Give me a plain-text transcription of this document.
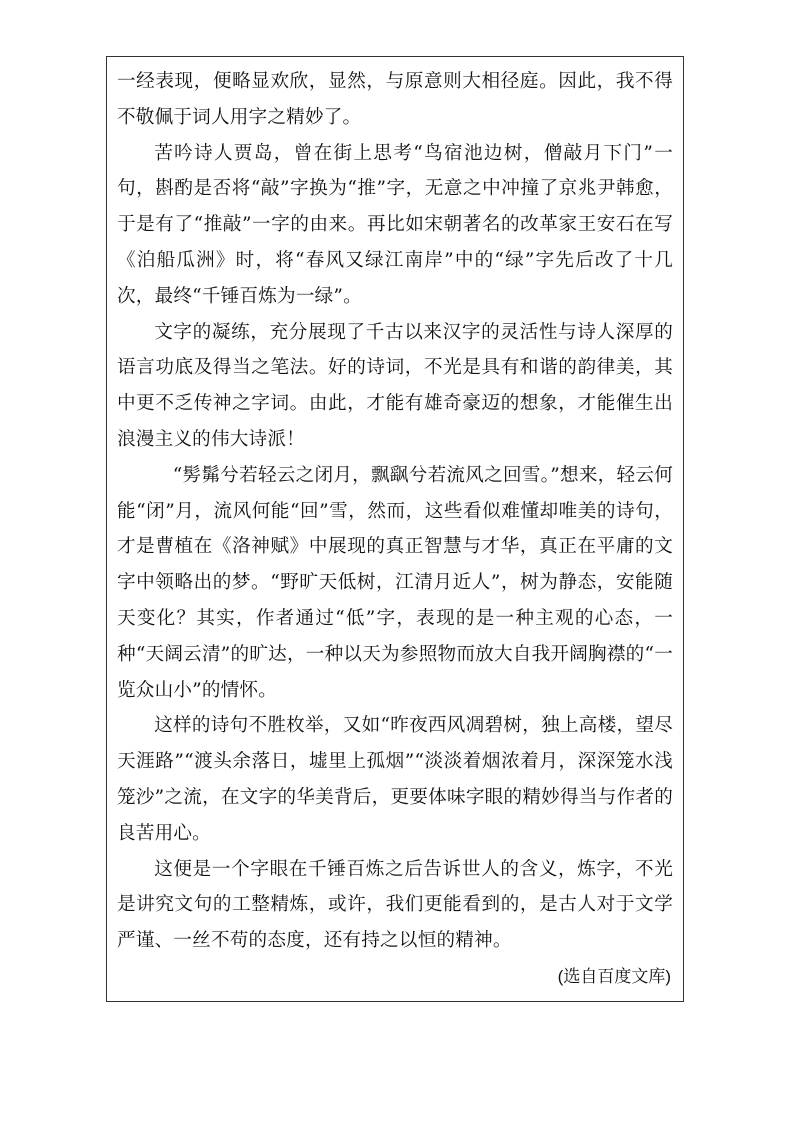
一经表现，便略显欢欣，显然，与原意则大相径庭。因此，我不得不敬佩于词人用字之精妙了。

苦吟诗人贾岛，曾在街上思考“鸟宿池边树，僧敲月下门”一句，斟酌是否将“敲”字换为“推”字，无意之中冲撞了京兆尹韩愈，于是有了“推敲”一字的由来。再比如宋朝著名的改革家王安石在写《泊船瓜洲》时，将“春风又绿江南岸”中的“绿”字先后改了十几次，最终“千锤百炼为一绿”。

文字的凝练，充分展现了千古以来汉字的灵活性与诗人深厚的语言功底及得当之笔法。好的诗词，不光是具有和谐的韵律美，其中更不乏传神之字词。由此，才能有雄奇豪迈的想象，才能催生出浪漫主义的伟大诗派！

“髣髴兮若轻云之闭月，飘飖兮若流风之回雪。”想来，轻云何能“闭”月，流风何能“回”雪，然而，这些看似难懂却唯美的诗句，才是曹植在《洛神赋》中展现的真正智慧与才华，真正在平庸的文字中领略出的梦。“野旷天低树，江清月近人”，树为静态，安能随天变化？其实，作者通过“低”字，表现的是一种主观的心态，一种“天阔云清”的旷达，一种以天为参照物而放大自我开阔胸襟的“一览众山小”的情怀。

这样的诗句不胜枚举，又如“昨夜西风凋碧树，独上高楼，望尽天涯路”“渡头余落日，墟里上孤烟”“淡淡着烟浓着月，深深笼水浅笼沙”之流，在文字的华美背后，更要体味字眼的精妙得当与作者的良苦用心。

这便是一个字眼在千锤百炼之后告诉世人的含义，炼字，不光是讲究文句的工整精炼，或许，我们更能看到的，是古人对于文学严谨、一丝不苟的态度，还有持之以恒的精神。

(选自百度文库)
